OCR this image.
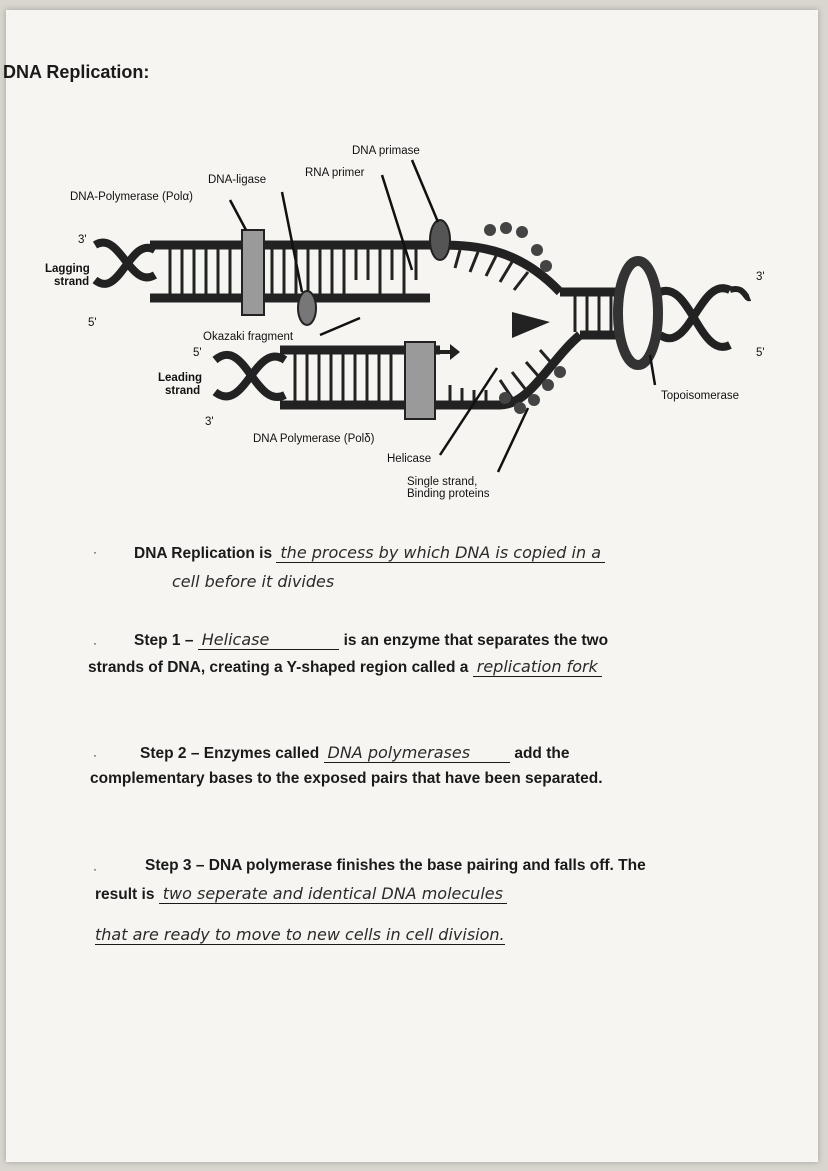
DNA Replication:
DNA primase
RNA primer
DNA-ligase
DNA-Polymerase (Polα)
3'
Lagging
strand
5'
Okazaki fragment
5'
Leading
strand
3'
DNA Polymerase (Polδ)
Helicase
Single strand,
Binding proteins
Topoisomerase
3'
5'
· DNA Replication is the process by which DNA is copied in a
cell before it divides
· Step 1 – Helicase	is an enzyme that separates the two
strands of DNA, creating a Y-shaped region called a replication fork
·	Step 2 – Enzymes called DNA polymerases	add the
complementary bases to the exposed pairs that have been separated.
·	Step 3 – DNA polymerase finishes the base pairing and falls off. The
result is two seperate and identical DNA molecules
that are ready to move to new cells in cell division.
